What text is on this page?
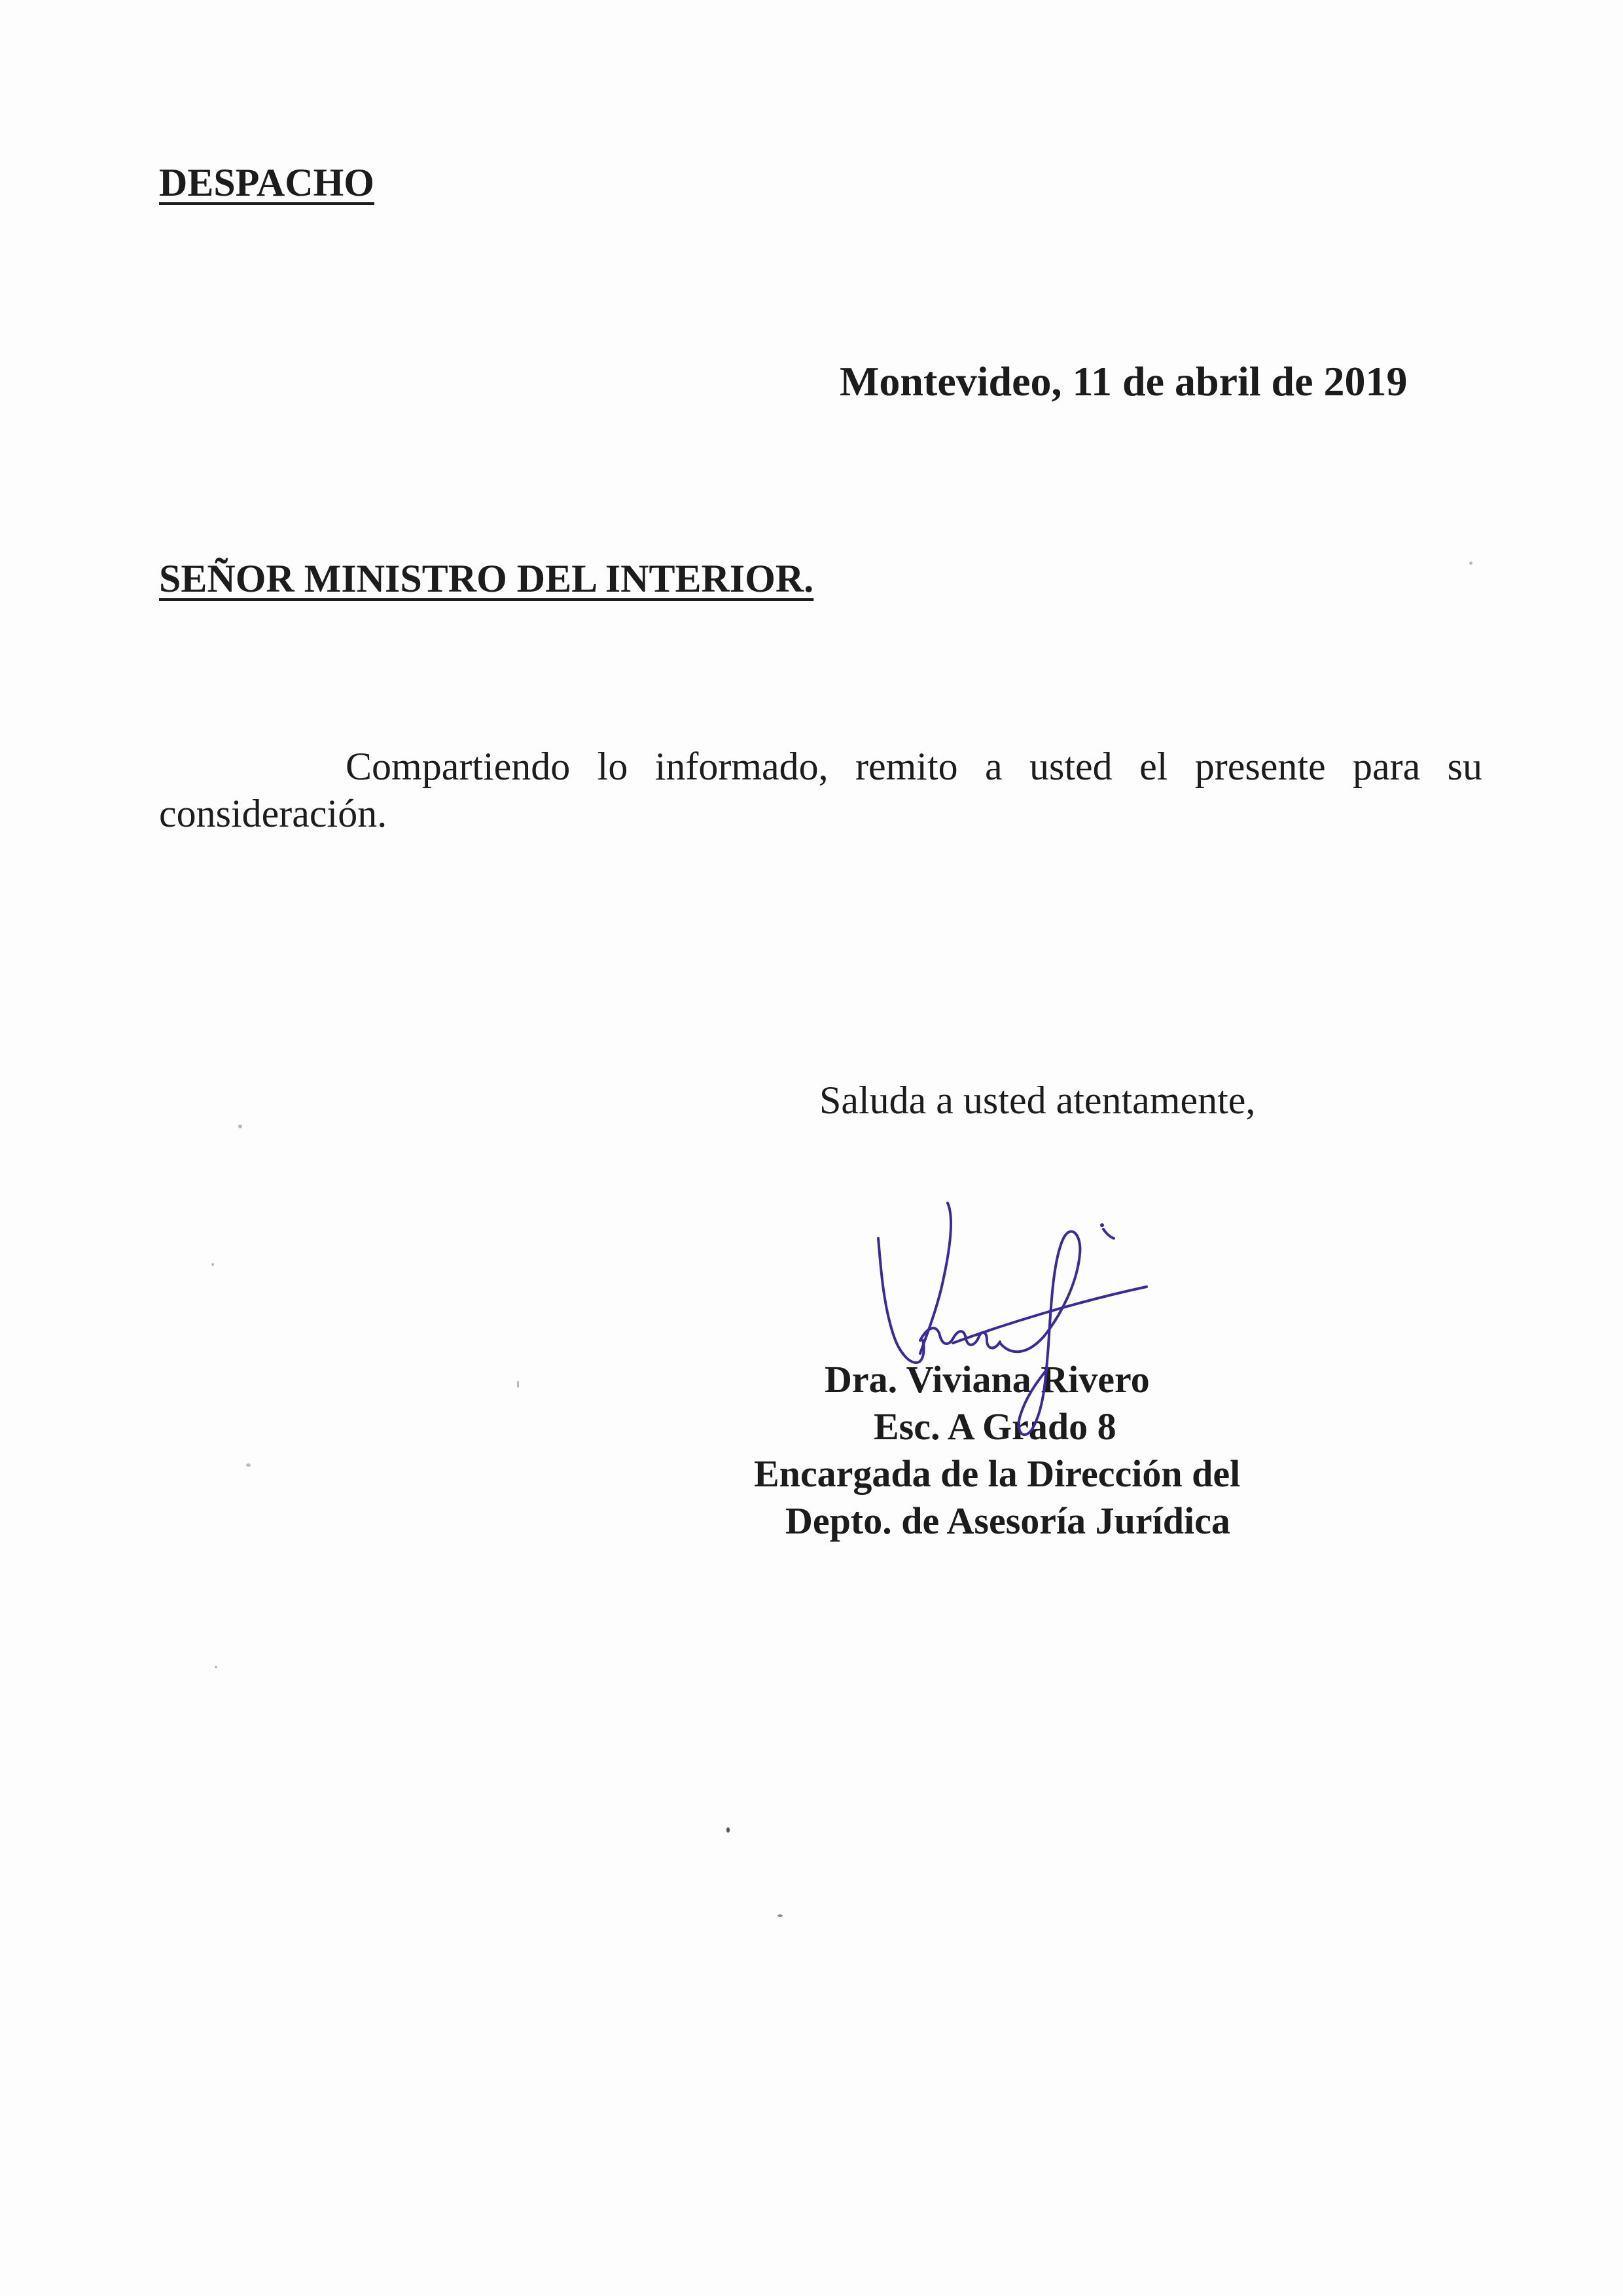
DESPACHO
Montevideo, 11 de abril de 2019
SEÑOR MINISTRO DEL INTERIOR.
Compartiendo lo informado, remito a usted el presente para su consideración.
Saluda a usted atentamente,
Dra. Viviana Rivero
Esc. A Grado 8
Encargada de la Dirección del
Depto. de Asesoría Jurídica
